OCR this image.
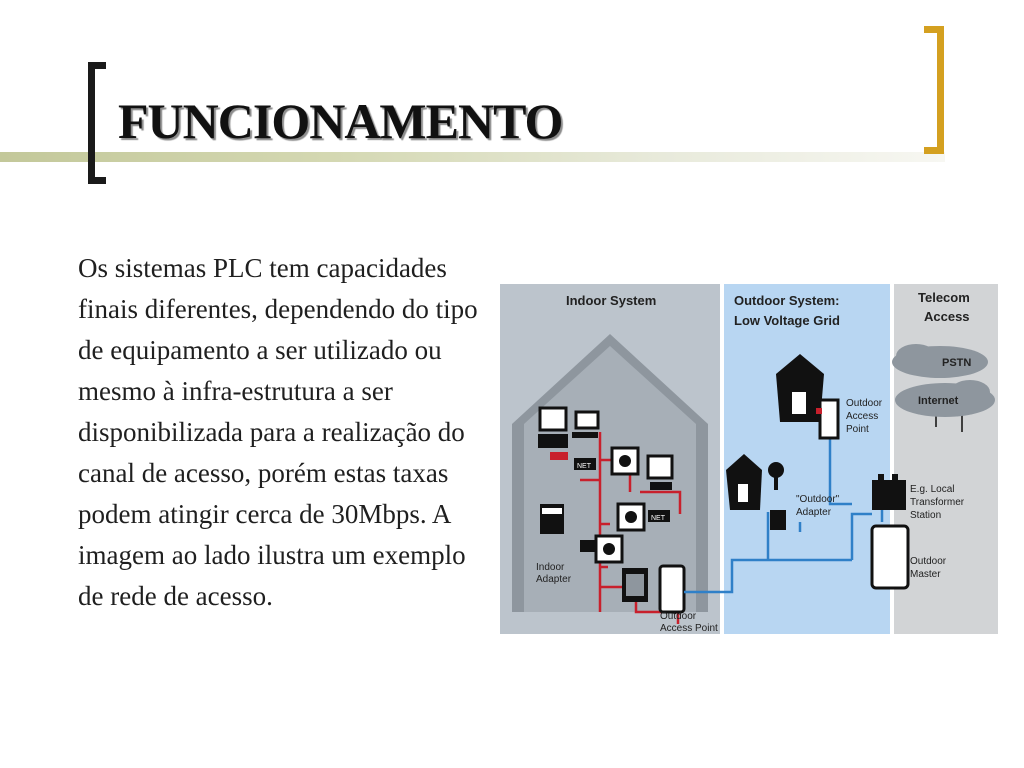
FUNCIONAMENTO
Os sistemas PLC tem capacidades finais diferentes, dependendo do tipo de equipamento a ser utilizado ou mesmo à infra-estrutura a ser disponibilizada para a realização do canal de acesso, porém estas taxas podem atingir cerca de 30Mbps. A imagem ao lado ilustra um exemplo de rede de acesso.
Indoor System	Outdoor System:
Low Voltage Grid
Telecom
Access
NET
NET
Indoor
Adapter
Outdoor
Access Point
Outdoor
Access
Point
"Outdoor"
Adapter
PSTN
Internet
E.g. Local
Transformer
Station
Outdoor
Master
